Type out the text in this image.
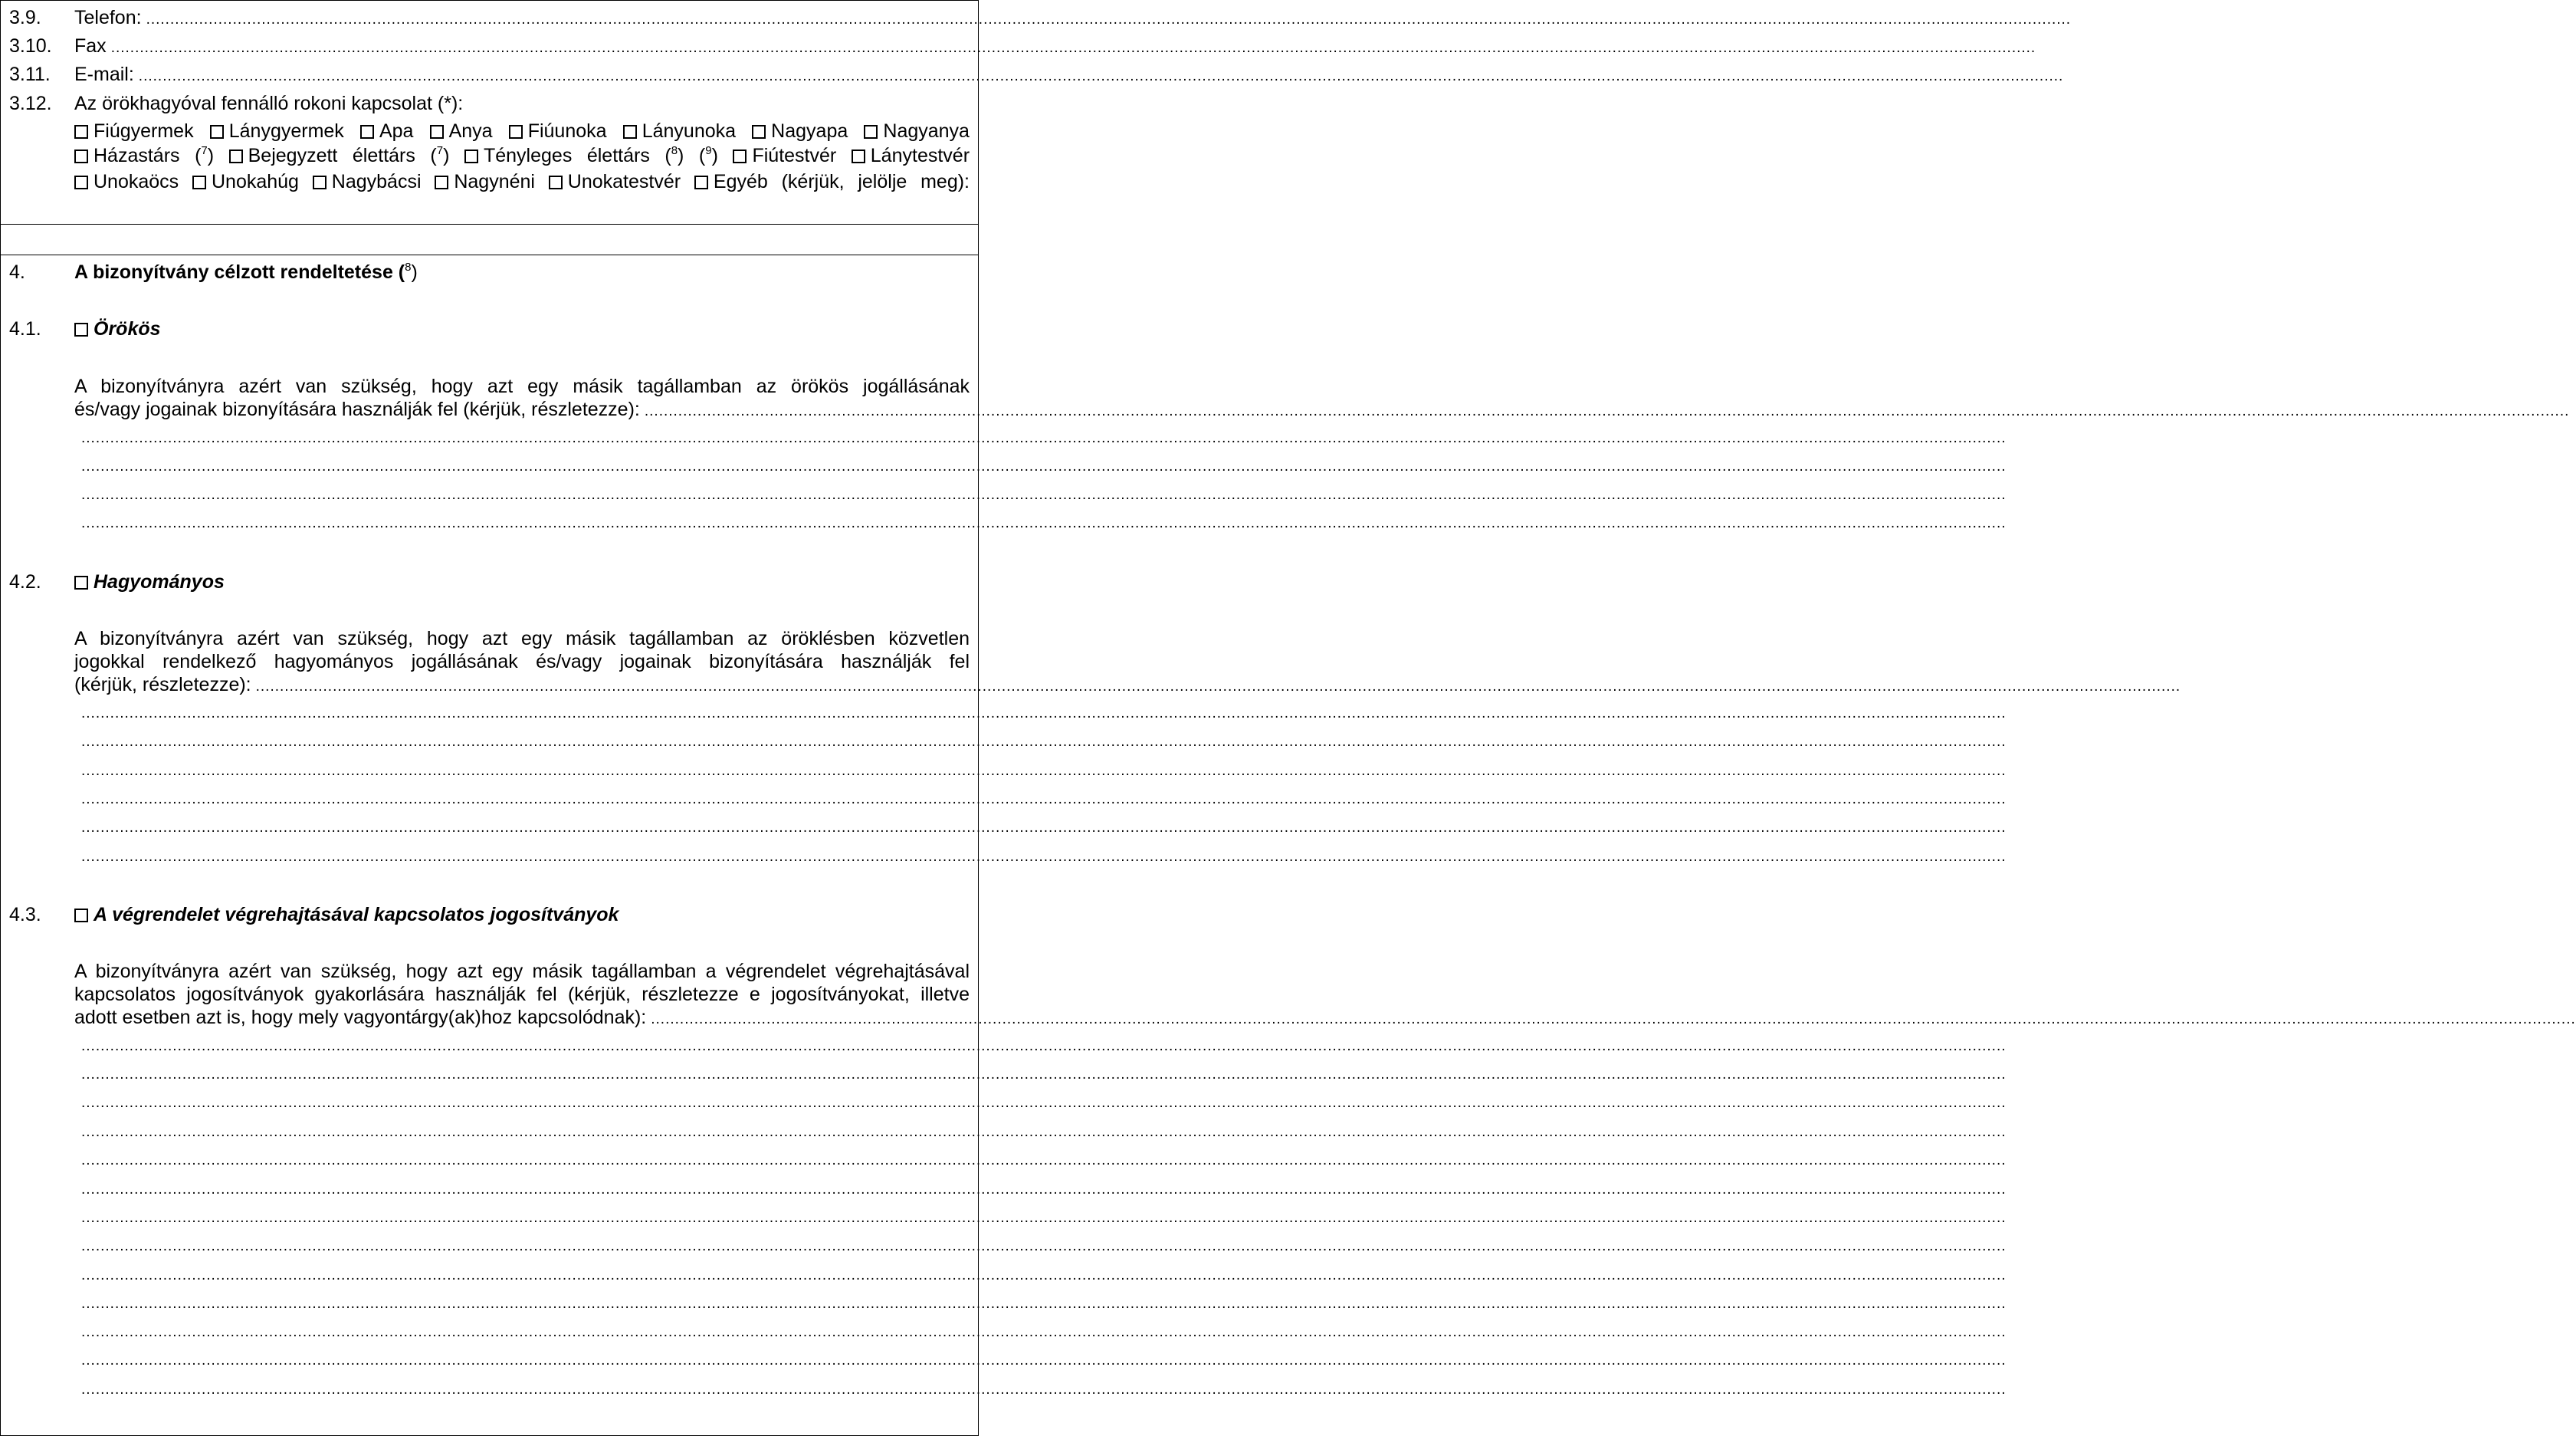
3.9. Telefon: ................................................................................................................................................................................................................................................................................................................................................................................................................
3.10. Fax ................................................................................................................................................................................................................................................................................................................................................................................................................
3.11. E-mail: ................................................................................................................................................................................................................................................................................................................................................................................................................
3.12. Az örökhagyóval fennálló rokoni kapcsolat (*):
Fiúgyermek Lánygyermek Apa Anya Fiúunoka Lányunoka Nagyapa Nagyanya
Házastárs ($^7$) Bejegyzett élettárs ($^7$) Tényleges élettárs ($^8$) ($^9$) Fiútestvér Lánytestvér
Unokaöcs Unokahúg Nagybácsi Nagynéni Unokatestvér Egyéb (kérjük, jelölje meg):
4.	A bizonyítvány célzott rendeltetése ($^8$)
4.1.	Örökös
A bizonyítványra azért van szükség, hogy azt egy másik tagállamban az örökös jogállásának
és/vagy jogainak bizonyítására használják fel (kérjük, részletezze): ................................................................................................................................................................................................................................................................................................................................................................................................................
................................................................................................................................................................................................................................................................................................................................................................................................................
................................................................................................................................................................................................................................................................................................................................................................................................................
................................................................................................................................................................................................................................................................................................................................................................................................................
................................................................................................................................................................................................................................................................................................................................................................................................................
4.2.	Hagyományos
A bizonyítványra azért van szükség, hogy azt egy másik tagállamban az öröklésben közvetlen
jogokkal rendelkező hagyományos jogállásának és/vagy jogainak bizonyítására használják fel
(kérjük, részletezze): ................................................................................................................................................................................................................................................................................................................................................................................................................
................................................................................................................................................................................................................................................................................................................................................................................................................
................................................................................................................................................................................................................................................................................................................................................................................................................
................................................................................................................................................................................................................................................................................................................................................................................................................
................................................................................................................................................................................................................................................................................................................................................................................................................
................................................................................................................................................................................................................................................................................................................................................................................................................
................................................................................................................................................................................................................................................................................................................................................................................................................
4.3.	A végrendelet végrehajtásával kapcsolatos jogosítványok
A bizonyítványra azért van szükség, hogy azt egy másik tagállamban a végrendelet végrehajtásával
kapcsolatos jogosítványok gyakorlására használják fel (kérjük, részletezze e jogosítványokat, illetve
adott esetben azt is, hogy mely vagyontárgy(ak)hoz kapcsolódnak): ................................................................................................................................................................................................................................................................................................................................................................................................................
................................................................................................................................................................................................................................................................................................................................................................................................................
................................................................................................................................................................................................................................................................................................................................................................................................................
................................................................................................................................................................................................................................................................................................................................................................................................................
................................................................................................................................................................................................................................................................................................................................................................................................................
................................................................................................................................................................................................................................................................................................................................................................................................................
................................................................................................................................................................................................................................................................................................................................................................................................................
................................................................................................................................................................................................................................................................................................................................................................................................................
................................................................................................................................................................................................................................................................................................................................................................................................................
................................................................................................................................................................................................................................................................................................................................................................................................................
................................................................................................................................................................................................................................................................................................................................................................................................................
................................................................................................................................................................................................................................................................................................................................................................................................................
................................................................................................................................................................................................................................................................................................................................................................................................................
................................................................................................................................................................................................................................................................................................................................................................................................................
